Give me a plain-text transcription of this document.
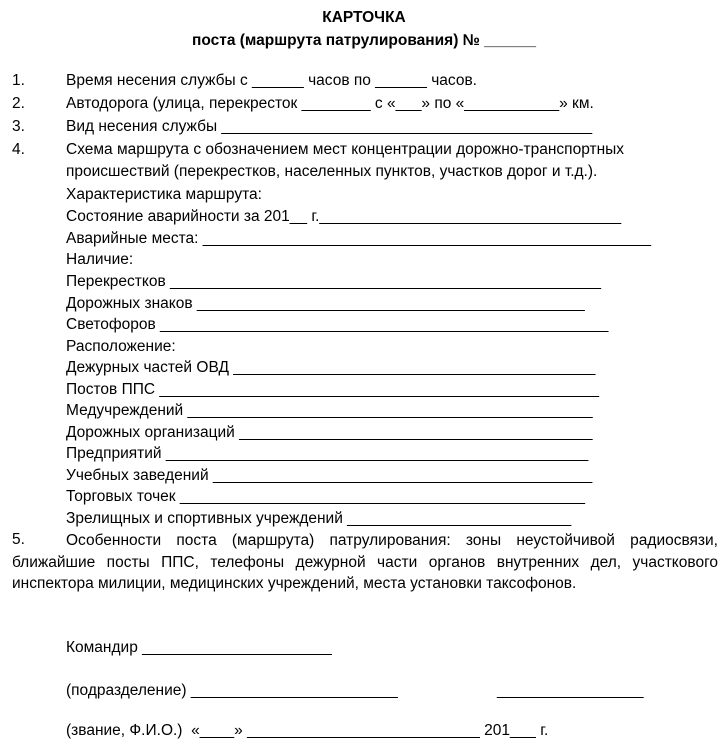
КАРТОЧКА
поста (маршрута патрулирования) № ______
1.	Время несения службы с ______ часов по ______ часов.
2.	Автодорога (улица, перекресток ________ с «___» по «___________» км.
3.	Вид несения службы ___________________________________________
4.	Схема маршрута с обозначением мест концентрации дорожно-транспортных
происшествий (перекрестков, населенных пунктов, участков дорог и т.д.).
Характеристика маршрута:
Состояние аварийности за 201__ г.___________________________________
Аварийные места: ____________________________________________________
Наличие:
Перекрестков __________________________________________________
Дорожных знаков _____________________________________________
Светофоров ____________________________________________________
Расположение:
Дежурных частей ОВД __________________________________________
Постов ППС ___________________________________________________
Медучреждений _______________________________________________
Дорожных организаций _________________________________________
Предприятий _________________________________________________
Учебных заведений ____________________________________________
Торговых точек _______________________________________________
Зрелищных и спортивных учреждений __________________________
5.	Особенности поста (маршрута) патрулирования: зоны неустойчивой радиосвязи, ближайшие посты ППС, телефоны дежурной части органов внутренних дел, участкового инспектора милиции, медицинских учреждений, места установки таксофонов.
Командир ______________________
(подразделение) ________________________	_________________
(звание, Ф.И.О.)  «____» ___________________________ 201___ г.
